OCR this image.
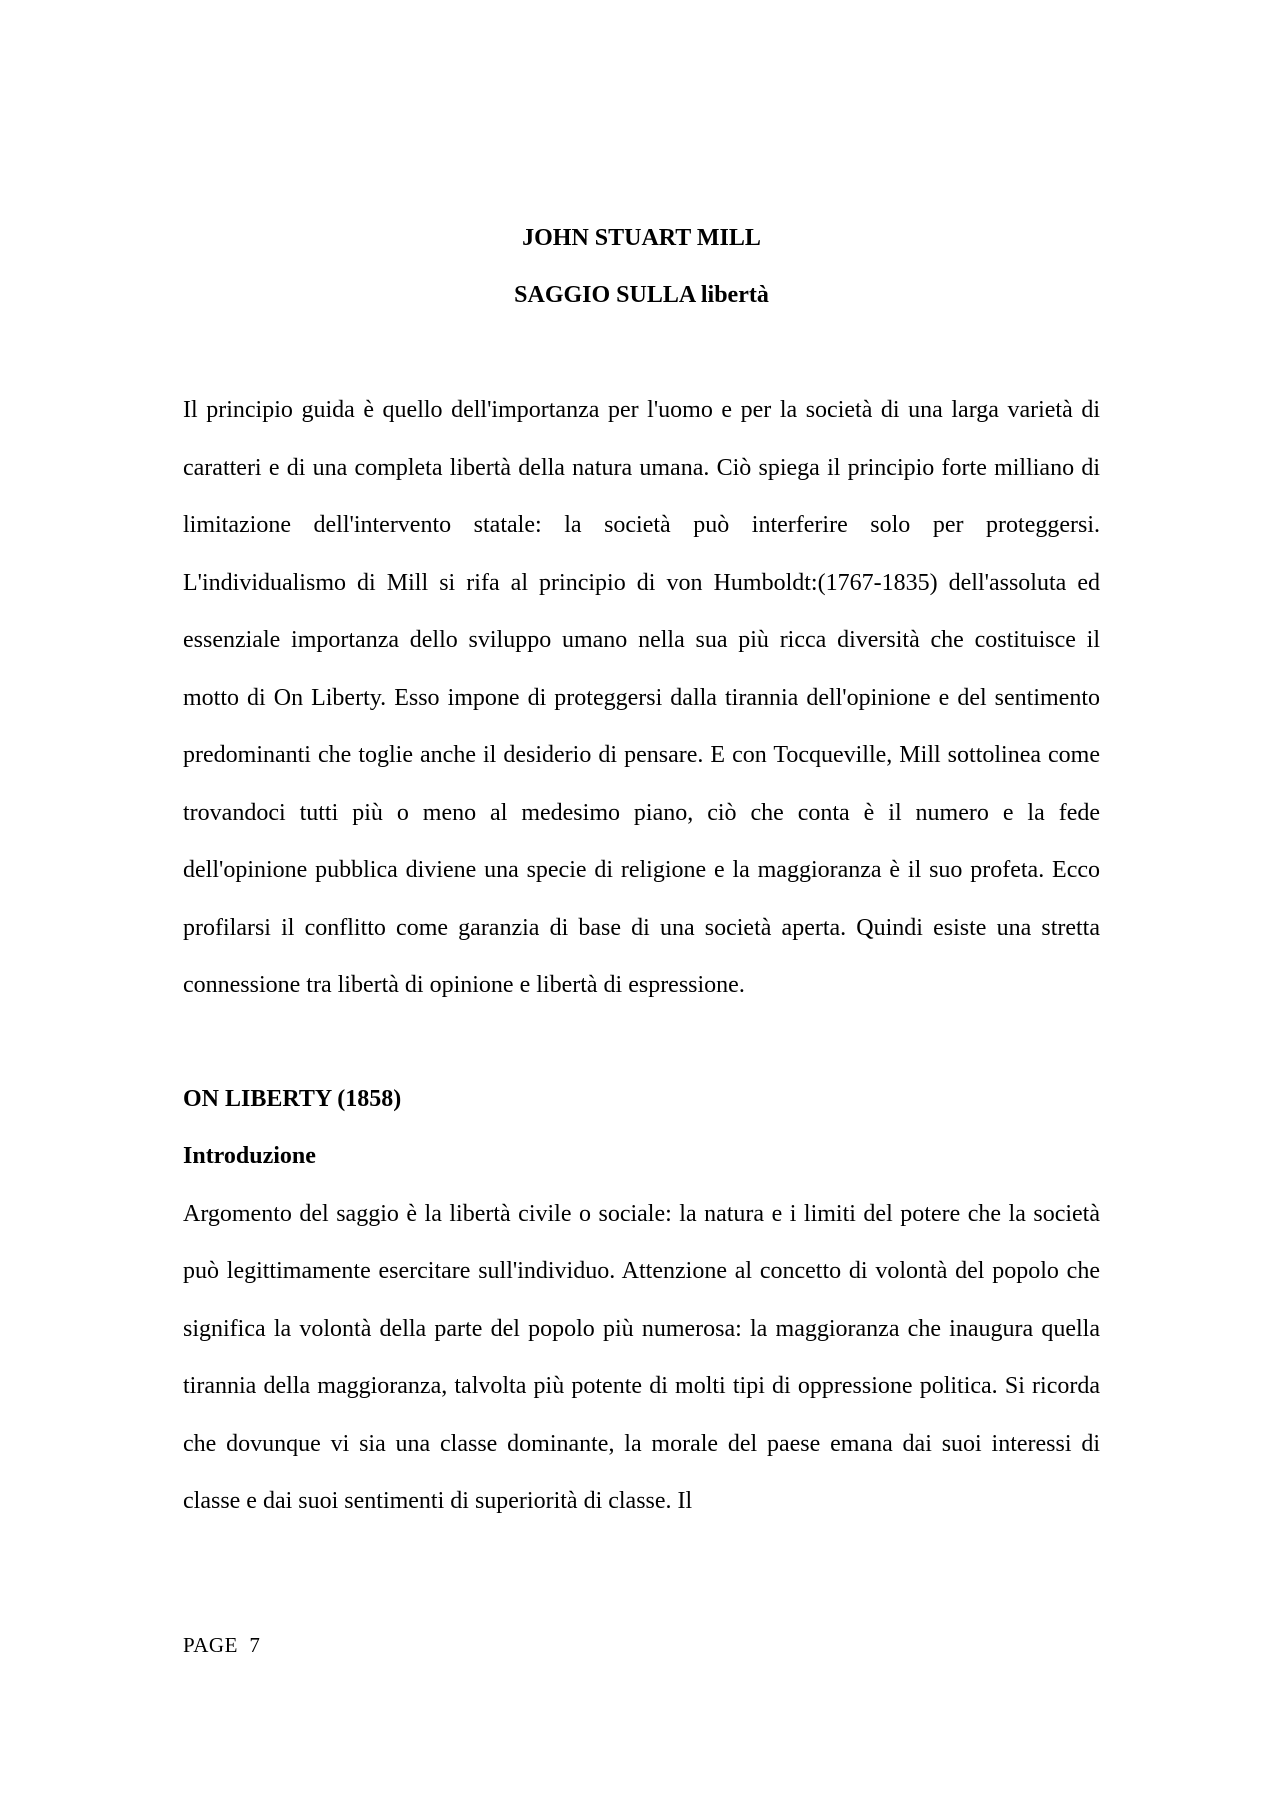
JOHN STUART MILL
SAGGIO SULLA libertà

Il principio guida è quello dell'importanza per l'uomo e per la società di una larga varietà di caratteri e di una completa libertà della natura umana. Ciò spiega il principio forte milliano di limitazione dell'intervento statale: la società può interferire solo per proteggersi. L'individualismo di Mill si rifa al principio di von Humboldt:(1767-1835) dell'assoluta ed essenziale importanza dello sviluppo umano nella sua più ricca diversità che costituisce il motto di On Liberty. Esso impone di proteggersi dalla tirannia dell'opinione e del sentimento predominanti che toglie anche il desiderio di pensare. E con Tocqueville, Mill sottolinea come trovandoci tutti più o meno al medesimo piano, ciò che conta è il numero e la fede dell'opinione pubblica diviene una specie di religione e la maggioranza è il suo profeta. Ecco profilarsi il conflitto come garanzia di base di una società aperta. Quindi esiste una stretta connessione tra libertà di opinione e libertà di espressione.

ON LIBERTY (1858)

Introduzione

Argomento del saggio è la libertà civile o sociale: la natura e i limiti del potere che la società può legittimamente esercitare sull'individuo. Attenzione al concetto di volontà del popolo che significa la volontà della parte del popolo più numerosa: la maggioranza che inaugura quella tirannia della maggioranza, talvolta più potente di molti tipi di oppressione politica. Si ricorda che dovunque vi sia una classe dominante, la morale del paese emana dai suoi interessi di classe e dai suoi sentimenti di superiorità di classe. Il

PAGE  7
